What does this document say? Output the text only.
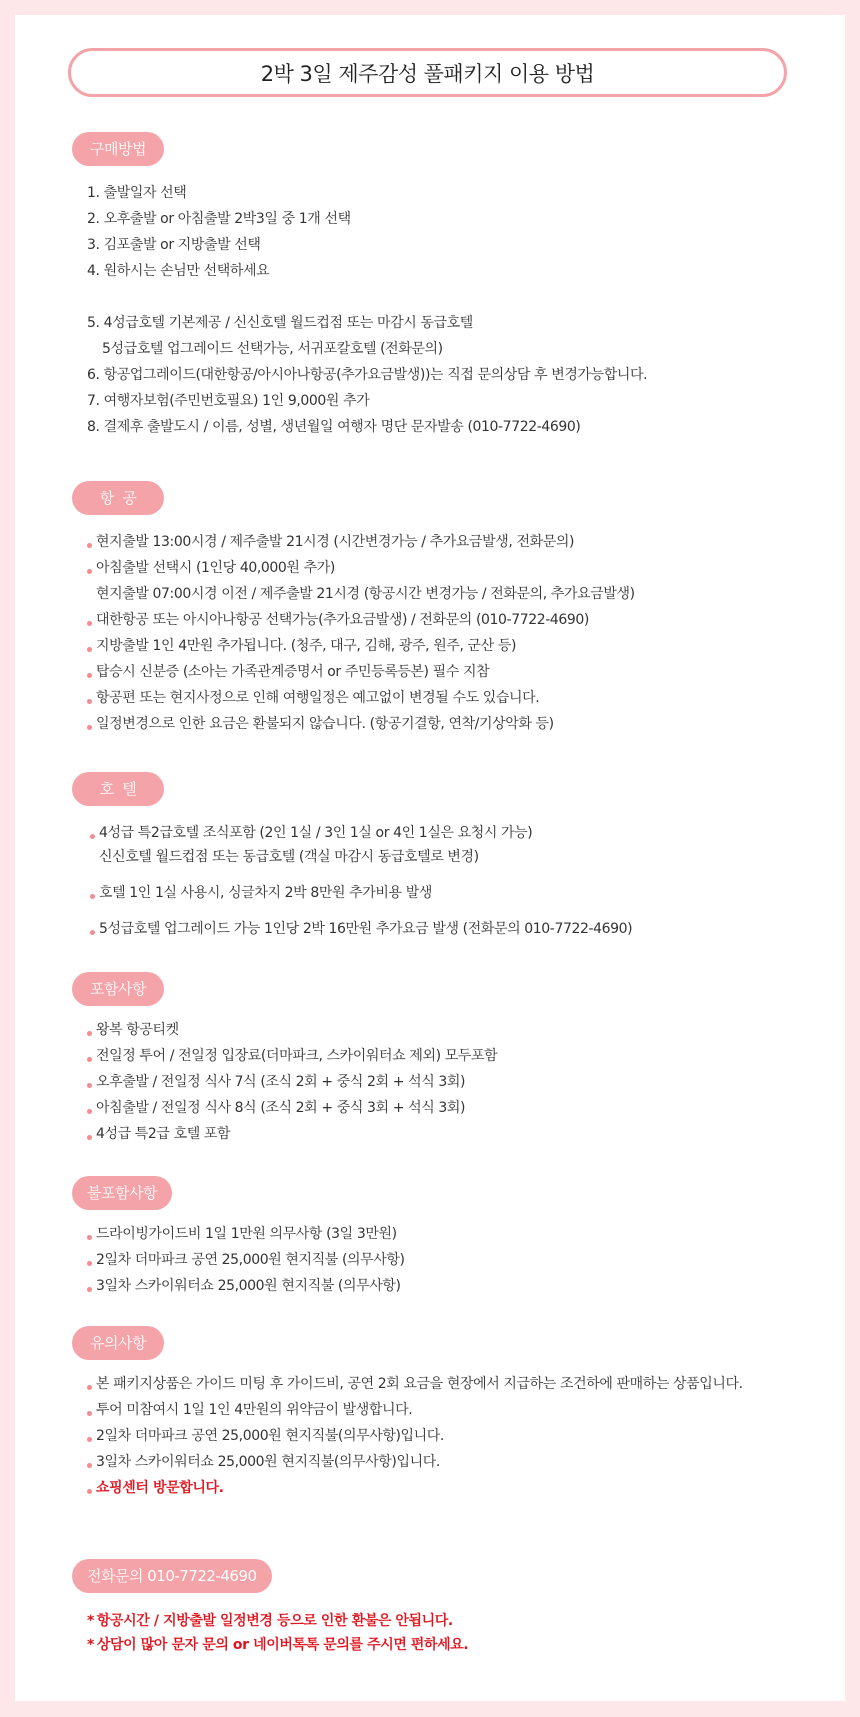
2박 3일 제주감성 풀패키지 이용 방법
구매방법
1. 출발일자 선택
2. 오후출발 or 아침출발 2박3일 중 1개 선택
3. 김포출발 or 지방출발 선택
4. 원하시는 손님만 선택하세요
5. 4성급호텔 기본제공 / 신신호텔 월드컵점 또는 마감시 동급호텔
5성급호텔 업그레이드 선택가능, 서귀포칼호텔 (전화문의)
6. 항공업그레이드(대한항공/아시아나항공(추가요금발생))는 직접 문의상담 후 변경가능합니다.
7. 여행자보험(주민번호필요) 1인 9,000원 추가
8. 결제후 출발도시 / 이름, 성별, 생년월일 여행자 명단 문자발송 (010-7722-4690)
항  공
현지출발 13:00시경 / 제주출발 21시경 (시간변경가능 / 추가요금발생, 전화문의)
아침출발 선택시 (1인당 40,000원 추가)
현지출발 07:00시경 이전 / 제주출발 21시경 (항공시간 변경가능 / 전화문의, 추가요금발생)
대한항공 또는 아시아나항공 선택가능(추가요금발생) / 전화문의 (010-7722-4690)
지방출발 1인 4만원 추가됩니다. (청주, 대구, 김해, 광주, 원주, 군산 등)
탑승시 신분증 (소아는 가족관계증명서 or 주민등록등본) 필수 지참
항공편 또는 현지사정으로 인해 여행일정은 예고없이 변경될 수도 있습니다.
일정변경으로 인한 요금은 환불되지 않습니다. (항공기결항, 연착/기상악화 등)
호  텔
4성급 특2급호텔 조식포함 (2인 1실 / 3인 1실 or 4인 1실은 요청시 가능)
신신호텔 월드컵점 또는 동급호텔 (객실 마감시 동급호텔로 변경)
호텔 1인 1실 사용시, 싱글차지 2박 8만원 추가비용 발생
5성급호텔 업그레이드 가능 1인당 2박 16만원 추가요금 발생 (전화문의 010-7722-4690)
포함사항
왕복 항공티켓
전일정 투어 / 전일정 입장료(더마파크, 스카이워터쇼 제외) 모두포함
오후출발 / 전일정 식사 7식 (조식 2회 + 중식 2회 + 석식 3회)
아침출발 / 전일정 식사 8식 (조식 2회 + 중식 3회 + 석식 3회)
4성급 특2급 호텔 포함
불포함사항
드라이빙가이드비 1일 1만원 의무사항 (3일 3만원)
2일차 더마파크 공연 25,000원 현지직불 (의무사항)
3일차 스카이워터쇼 25,000원 현지직불 (의무사항)
유의사항
본 패키지상품은 가이드 미팅 후 가이드비, 공연 2회 요금을 현장에서 지급하는 조건하에 판매하는 상품입니다.
투어 미참여시 1일 1인 4만원의 위약금이 발생합니다.
2일차 더마파크 공연 25,000원 현지직불(의무사항)입니다.
3일차 스카이워터쇼 25,000원 현지직불(의무사항)입니다.
쇼핑센터 방문합니다.
전화문의 010-7722-4690
* 항공시간 / 지방출발 일정변경 등으로 인한 환불은 안됩니다.
* 상담이 많아 문자 문의 or 네이버톡톡 문의를 주시면 편하세요.
